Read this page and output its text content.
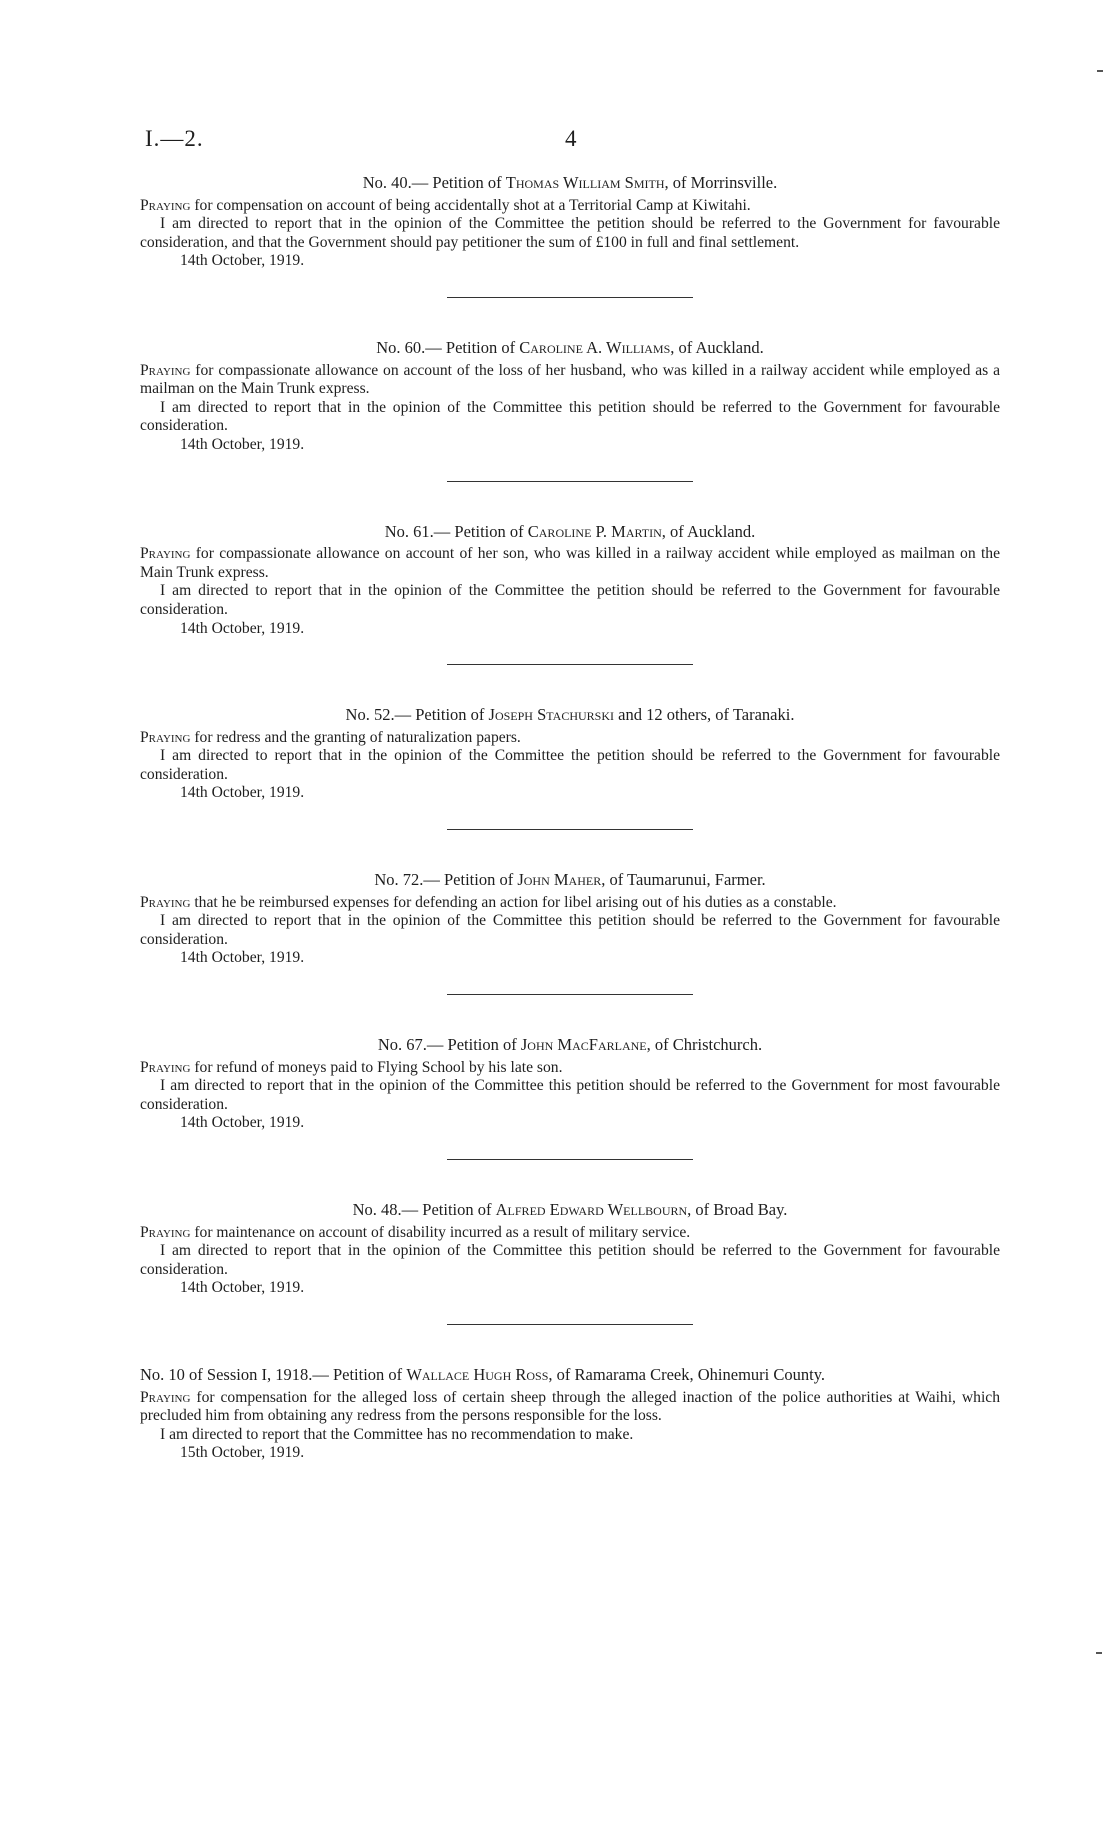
I.—2.	4
No. 40.— Petition of Thomas William Smith, of Morrinsville.

Praying for compensation on account of being accidentally shot at a Territorial Camp at Kiwitahi.

I am directed to report that in the opinion of the Committee the petition should be referred to the Government for favourable consideration, and that the Government should pay petitioner the sum of £100 in full and final settlement.

14th October, 1919.

No. 60.— Petition of Caroline A. Williams, of Auckland.

Praying for compassionate allowance on account of the loss of her husband, who was killed in a railway accident while employed as a mailman on the Main Trunk express.

I am directed to report that in the opinion of the Committee this petition should be referred to the Government for favourable consideration.

14th October, 1919.

No. 61.— Petition of Caroline P. Martin, of Auckland.

Praying for compassionate allowance on account of her son, who was killed in a railway accident while employed as mailman on the Main Trunk express.

I am directed to report that in the opinion of the Committee the petition should be referred to the Government for favourable consideration.

14th October, 1919.

No. 52.— Petition of Joseph Stachurski and 12 others, of Taranaki.

Praying for redress and the granting of naturalization papers.

I am directed to report that in the opinion of the Committee the petition should be referred to the Government for favourable consideration.

14th October, 1919.

No. 72.— Petition of John Maher, of Taumarunui, Farmer.

Praying that he be reimbursed expenses for defending an action for libel arising out of his duties as a constable.

I am directed to report that in the opinion of the Committee this petition should be referred to the Government for favourable consideration.

14th October, 1919.

No. 67.— Petition of John MacFarlane, of Christchurch.

Praying for refund of moneys paid to Flying School by his late son.

I am directed to report that in the opinion of the Committee this petition should be referred to the Government for most favourable consideration.

14th October, 1919.

No. 48.— Petition of Alfred Edward Wellbourn, of Broad Bay.

Praying for maintenance on account of disability incurred as a result of military service.

I am directed to report that in the opinion of the Committee this petition should be referred to the Government for favourable consideration.

14th October, 1919.

No. 10 of Session I, 1918.— Petition of Wallace Hugh Ross, of Ramarama Creek, Ohinemuri County.

Praying for compensation for the alleged loss of certain sheep through the alleged inaction of the police authorities at Waihi, which precluded him from obtaining any redress from the persons responsible for the loss.

I am directed to report that the Committee has no recommendation to make.

15th October, 1919.
